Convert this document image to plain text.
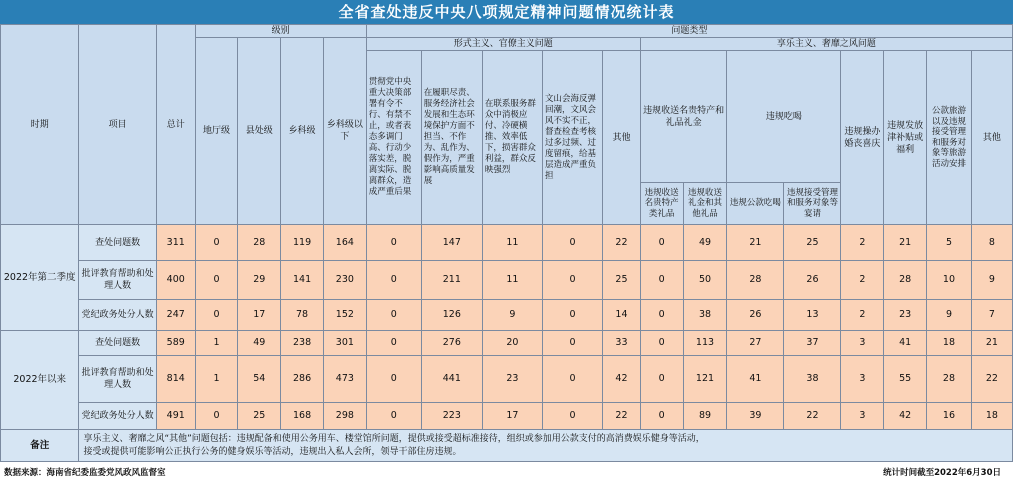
全省查处违反中央八项规定精神问题情况统计表
时期	项目	总计	级别				问题类型												
			地厅级	县处级	乡科级	乡科级以下	形式主义、官僚主义问题					享乐主义、奢靡之风问题							
							贯彻党中央重大决策部署有令不行、有禁不止，或者表态多调门高、行动少落实差，脱离实际、脱离群众，造成严重后果	在履职尽责、服务经济社会发展和生态环境保护方面不担当、不作为、乱作为、假作为，严重影响高质量发展	在联系服务群众中消极应付、冷硬横推、效率低下，损害群众利益，群众反映强烈	文山会海反弹回潮，文风会风不实不正，督查检查考核过多过频、过度留痕，给基层造成严重负担	其他	违规收送名贵特产和礼品礼金		违规吃喝		违规操办婚丧喜庆	违规发放津补贴或福利	公款旅游以及违规接受管理和服务对象等旅游活动安排	其他
												违规收送名贵特产类礼品	违规收送礼金和其他礼品	违规公款吃喝	违规接受管理和服务对象等宴请				
2022年第二季度	查处问题数	311	0	28	119	164	0	147	11	0	22	0	49	21	25	2	21	5	8
	批评教育帮助和处理人数	400	0	29	141	230	0	211	11	0	25	0	50	28	26	2	28	10	9
	党纪政务处分人数	247	0	17	78	152	0	126	9	0	14	0	38	26	13	2	23	9	7
2022年以来	查处问题数	589	1	49	238	301	0	276	20	0	33	0	113	27	37	3	41	18	21
	批评教育帮助和处理人数	814	1	54	286	473	0	441	23	0	42	0	121	41	38	3	55	28	22
	党纪政务处分人数	491	0	25	168	298	0	223	17	0	22	0	89	39	22	3	42	16	18
备注	享乐主义、奢靡之风“其他”问题包括：违规配备和使用公务用车、楼堂馆所问题，提供或接受超标准接待，组织或参加用公款支付的高消费娱乐健身等活动，
接受或提供可能影响公正执行公务的健身娱乐等活动，违规出入私人会所，领导干部住房违规。																		
数据来源：海南省纪委监委党风政风监督室	统计时间截至2022年6月30日
